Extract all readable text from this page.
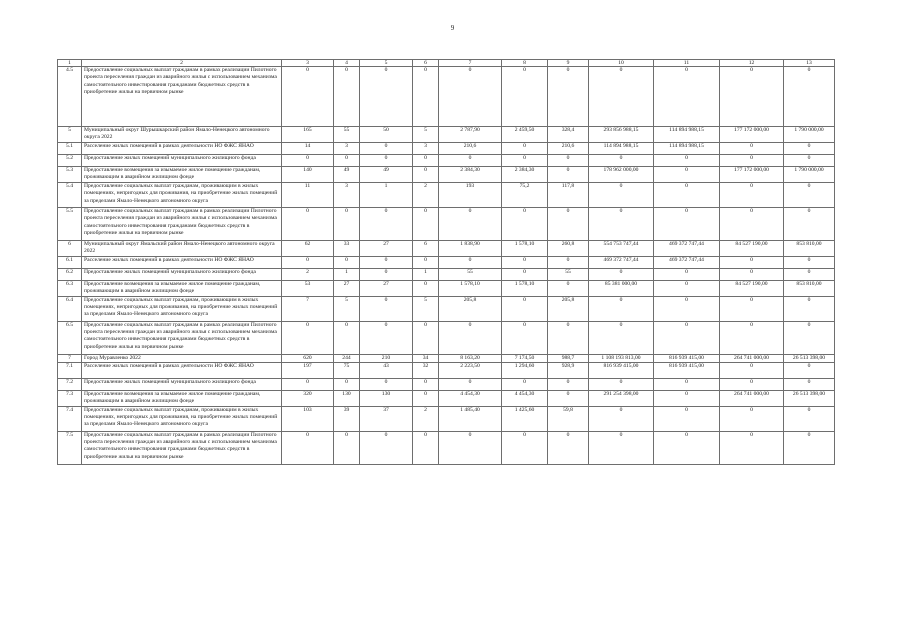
9
1	2	3	4	5	6	7	8	9	10	11	12	13
4.5	Предоставление социальных выплат гражданам в рамках реализации Пилотного проекта переселения граждан из аварийного жилья с использованием механизма самостоятельного инвестирования гражданами бюджетных средств в приобретение жилья на первичном рынке	0	0	0	0	0	0	0	0	0	0	0
5	Муниципальный округ Шурышкарский район Ямало-Ненецкого автономного округа 2022	165	55	50	5	2 787,90	2 459,50	328,4	293 856 988,15	114 894 988,15	177 172 000,00	1 790 000,00
5.1	Расселение жилых помещений в рамках деятельности НО ФЖС ЯНАО	14	3	0	3	210,6	0	210,6	114 894 988,15	114 894 988,15	0	0
5.2	Предоставление жилых помещений муниципального жилищного фонда	0	0	0	0	0	0	0	0	0	0	0
5.3	Предоставление возмещения за изымаемое жилое помещение гражданам, проживающим в аварийном жилищном фонде	140	49	49	0	2 384,30	2 384,30	0	178 962 000,00	0	177 172 000,00	1 790 000,00
5.4	Предоставление социальных выплат гражданам, проживающим в жилых помещениях, непригодных для проживания, на приобретение жилых помещений за пределами Ямало-Ненецкого автономного округа	11	3	1	2	193	75,2	117,8	0	0	0	0
5.5	Предоставление социальных выплат гражданам в рамках реализации Пилотного проекта переселения граждан из аварийного жилья с использованием механизма самостоятельного инвестирования гражданами бюджетных средств в приобретение жилья на первичном рынке	0	0	0	0	0	0	0	0	0	0	0
6	Муниципальный округ Ямальский район Ямало-Ненецкого автономного округа 2022	62	33	27	6	1 838,90	1 578,10	260,8	554 753 747,44	469 372 747,44	84 527 190,00	853 810,00
6.1	Расселение жилых помещений в рамках деятельности НО ФЖС ЯНАО	0	0	0	0	0	0	0	469 372 747,44	469 372 747,44	0	0
6.2	Предоставление жилых помещений муниципального жилищного фонда	2	1	0	1	55	0	55	0	0	0	0
6.3	Предоставление возмещения за изымаемое жилое помещение гражданам, проживающим в аварийном жилищном фонде	53	27	27	0	1 578,10	1 578,10	0	85 381 000,00	0	84 527 190,00	853 810,00
6.4	Предоставление социальных выплат гражданам, проживающим в жилых помещениях, непригодных для проживания, на приобретение жилых помещений за пределами Ямало-Ненецкого автономного округа	7	5	0	5	205,8	0	205,8	0	0	0	0
6.5	Предоставление социальных выплат гражданам в рамках реализации Пилотного проекта переселения граждан из аварийного жилья с использованием механизма самостоятельного инвестирования гражданами бюджетных средств в приобретение жилья на первичном рынке	0	0	0	0	0	0	0	0	0	0	0
7	Город Муравленко 2022	620	244	210	34	8 163,20	7 174,50	988,7	1 108 193 813,00	816 939 415,00	264 741 000,00	26 513 398,00
7.1	Расселение жилых помещений в рамках деятельности НО ФЖС ЯНАО	197	75	43	32	2 223,50	1 294,60	928,9	816 939 415,00	816 939 415,00	0	0
7.2	Предоставление жилых помещений муниципального жилищного фонда	0	0	0	0	0	0	0	0	0	0	0
7.3	Предоставление возмещения за изымаемое жилое помещение гражданам, проживающим в аварийном жилищном фонде	320	130	130	0	4 454,30	4 454,30	0	291 254 398,00	0	264 741 000,00	26 513 398,00
7.4	Предоставление социальных выплат гражданам, проживающим в жилых помещениях, непригодных для проживания, на приобретение жилых помещений за пределами Ямало-Ненецкого автономного округа	103	39	37	2	1 485,40	1 425,60	59,8	0	0	0	0
7.5	Предоставление социальных выплат гражданам в рамках реализации Пилотного проекта переселения граждан из аварийного жилья с использованием механизма самостоятельного инвестирования гражданами бюджетных средств в приобретение жилья на первичном рынке	0	0	0	0	0	0	0	0	0	0	0
